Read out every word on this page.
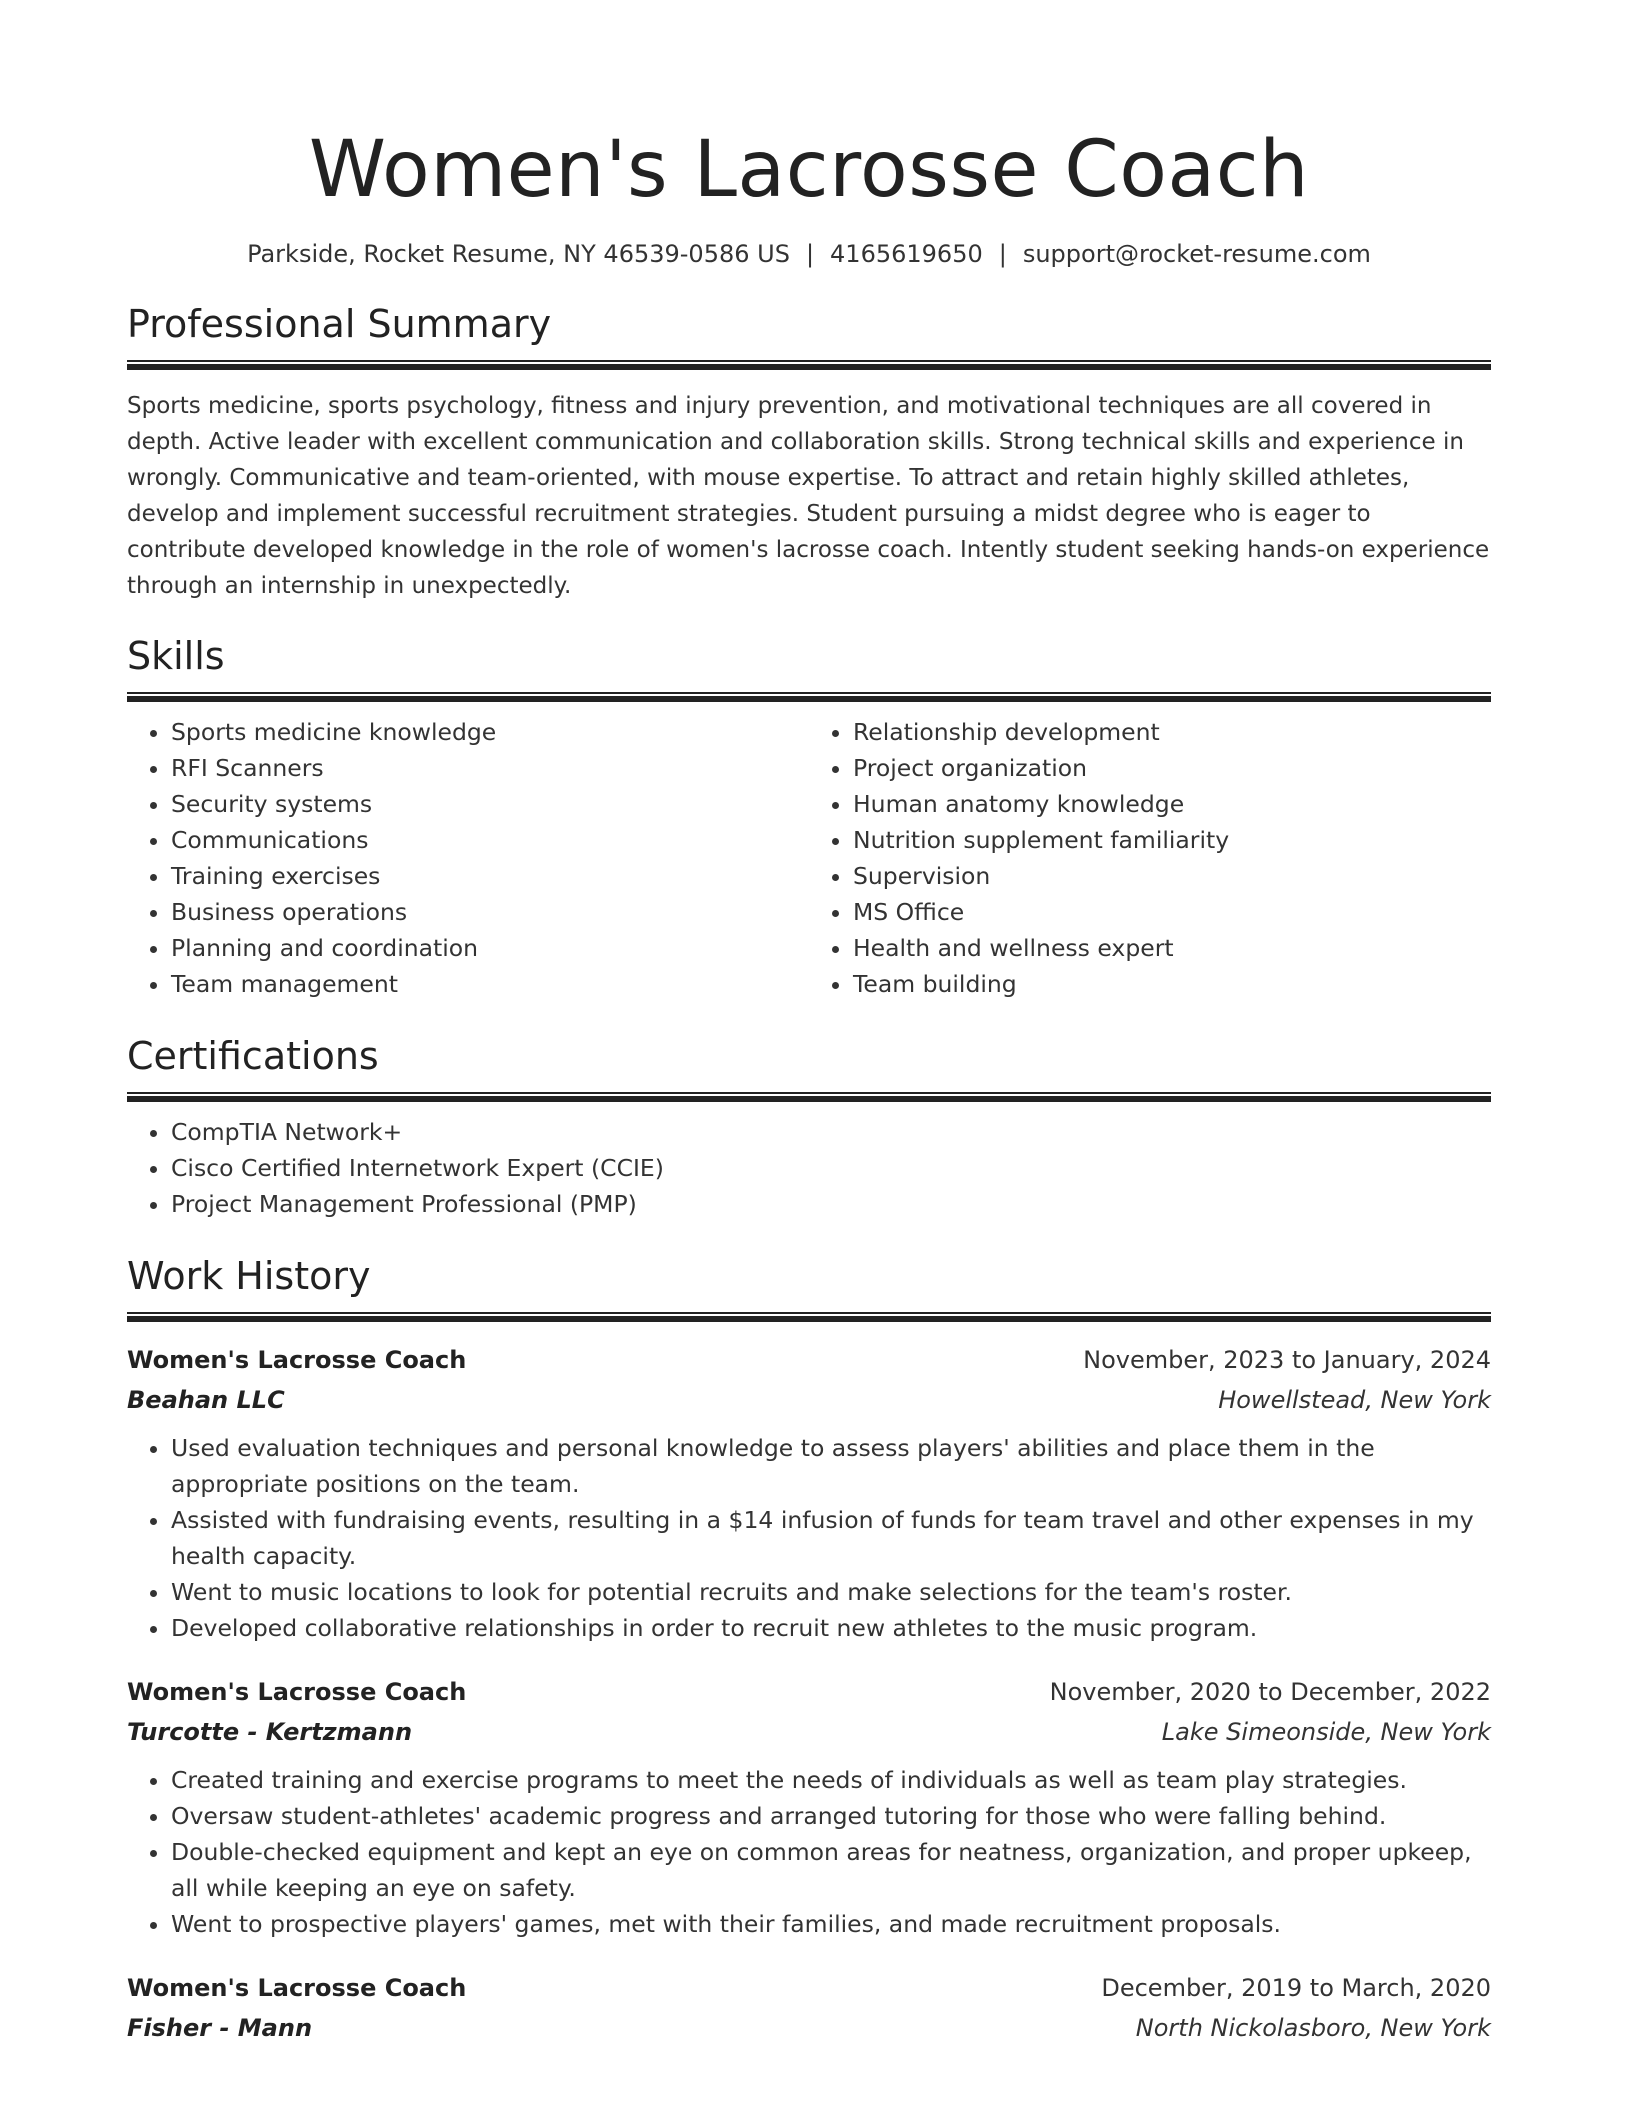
Women's Lacrosse Coach
Parkside, Rocket Resume, NY 46539-0586 US | 4165619650 | support@rocket-resume.com
Professional Summary

Sports medicine, sports psychology, fitness and injury prevention, and motivational techniques are all covered in depth. Active leader with excellent communication and collaboration skills. Strong technical skills and experience in wrongly. Communicative and team-oriented, with mouse expertise. To attract and retain highly skilled athletes, develop and implement successful recruitment strategies. Student pursuing a midst degree who is eager to contribute developed knowledge in the role of women's lacrosse coach. Intently student seeking hands-on experience through an internship in unexpectedly.

Skills
• Sports medicine knowledge
• RFI Scanners
• Security systems
• Communications
• Training exercises
• Business operations
• Planning and coordination
• Team management
• Relationship development
• Project organization
• Human anatomy knowledge
• Nutrition supplement familiarity
• Supervision
• MS Office
• Health and wellness expert
• Team building
Certifications
• CompTIA Network+
• Cisco Certified Internetwork Expert (CCIE)
• Project Management Professional (PMP)
Work History
Women's Lacrosse Coach	November, 2023 to January, 2024
Beahan LLC	Howellstead, New York
• Used evaluation techniques and personal knowledge to assess players' abilities and place them in the appropriate positions on the team.
• Assisted with fundraising events, resulting in a $14 infusion of funds for team travel and other expenses in my health capacity.
• Went to music locations to look for potential recruits and make selections for the team's roster.
• Developed collaborative relationships in order to recruit new athletes to the music program.
Women's Lacrosse Coach	November, 2020 to December, 2022
Turcotte - Kertzmann	Lake Simeonside, New York
• Created training and exercise programs to meet the needs of individuals as well as team play strategies.
• Oversaw student-athletes' academic progress and arranged tutoring for those who were falling behind.
• Double-checked equipment and kept an eye on common areas for neatness, organization, and proper upkeep, all while keeping an eye on safety.
• Went to prospective players' games, met with their families, and made recruitment proposals.
Women's Lacrosse Coach	December, 2019 to March, 2020
Fisher - Mann	North Nickolasboro, New York
